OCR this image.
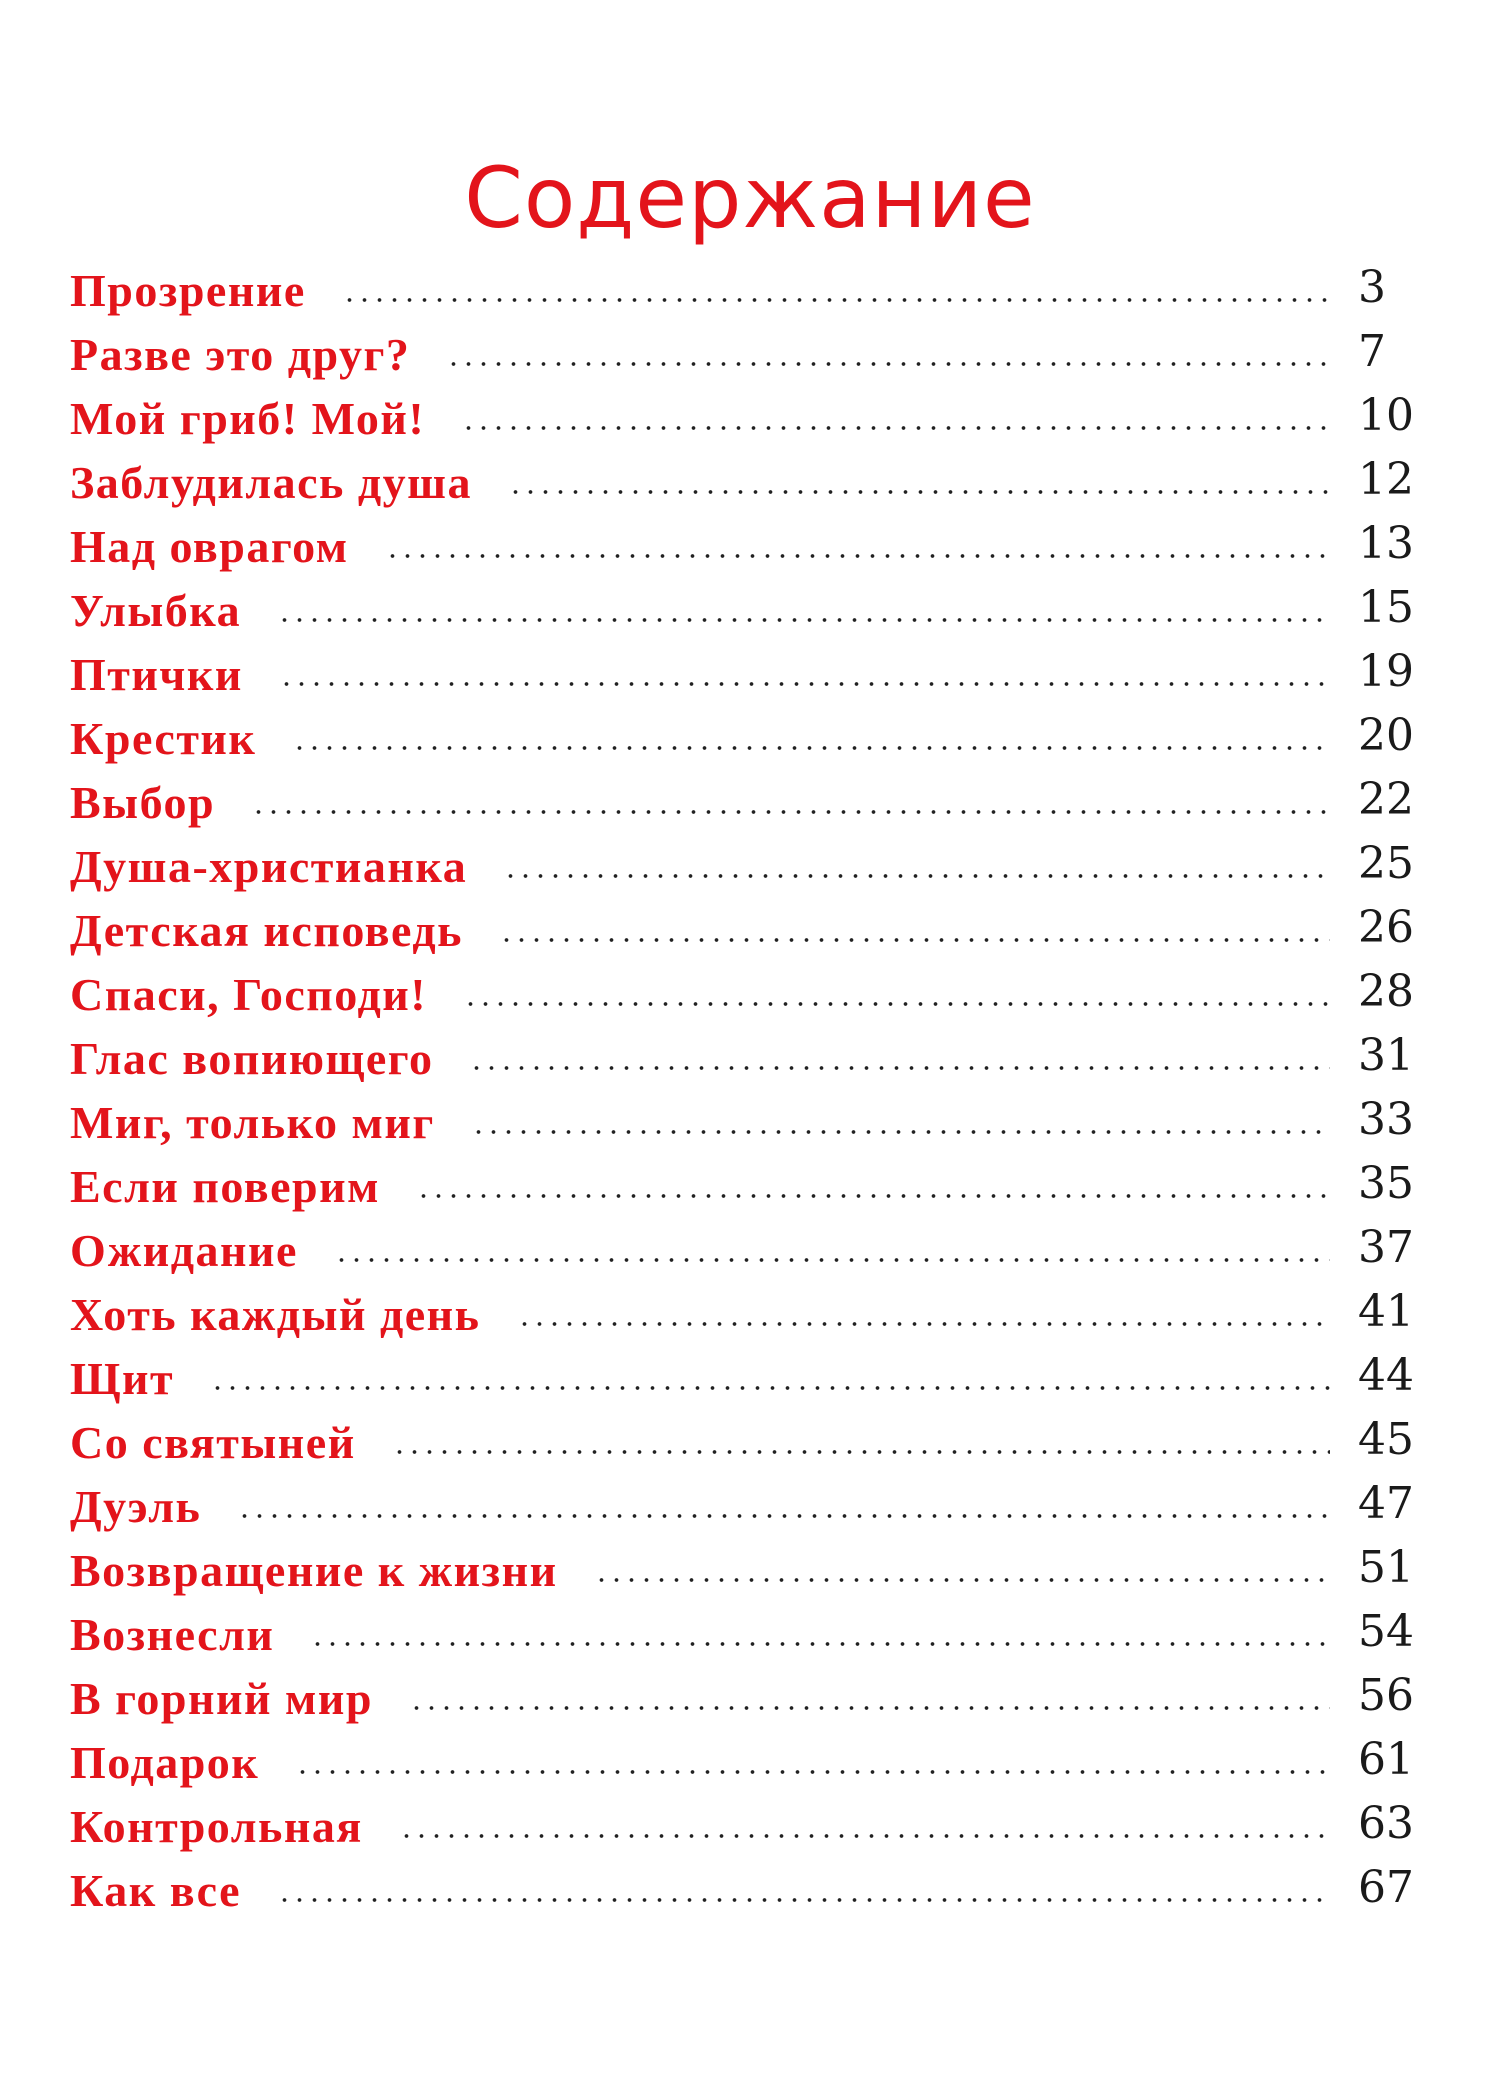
Содержание
Прозрение	3
Разве это друг?	7
Мой гриб! Мой!	10
Заблудилась душа	12
Над оврагом	13
Улыбка	15
Птички	19
Крестик	20
Выбор	22
Душа-христианка	25
Детская исповедь	26
Спаси, Господи!	28
Глас вопиющего	31
Миг, только миг	33
Если поверим	35
Ожидание	37
Хоть каждый день	41
Щит	44
Со святыней	45
Дуэль	47
Возвращение к жизни	51
Вознесли	54
В горний мир	56
Подарок	61
Контрольная	63
Как все	67
